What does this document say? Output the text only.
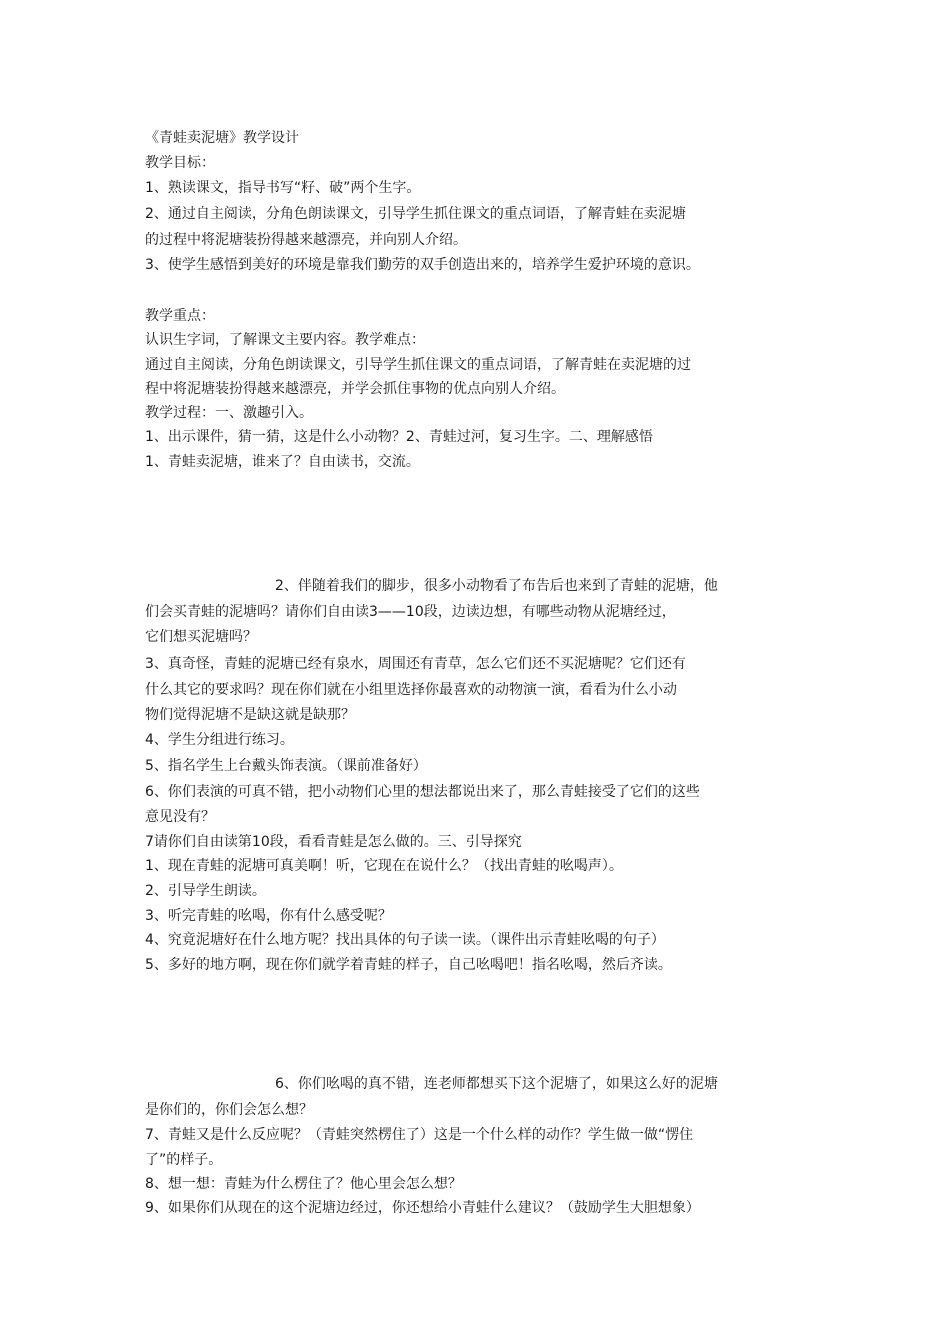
《青蛙卖泥塘》教学设计
教学目标：
1、熟读课文，指导书写“籽、破”两个生字。
2、通过自主阅读，分角色朗读课文，引导学生抓住课文的重点词语，了解青蛙在卖泥塘
的过程中将泥塘装扮得越来越漂亮，并向别人介绍。
3、使学生感悟到美好的环境是靠我们勤劳的双手创造出来的，培养学生爱护环境的意识。
教学重点：
认识生字词，了解课文主要内容。教学难点：
通过自主阅读，分角色朗读课文，引导学生抓住课文的重点词语，了解青蛙在卖泥塘的过
程中将泥塘装扮得越来越漂亮，并学会抓住事物的优点向别人介绍。
教学过程：一、激趣引入。
1、出示课件，猜一猜，这是什么小动物？2、青蛙过河，复习生字。二、理解感悟
1、青蛙卖泥塘，谁来了？自由读书，交流。
2、伴随着我们的脚步，很多小动物看了布告后也来到了青蛙的泥塘，他
们会买青蛙的泥塘吗？请你们自由读3——10段，边读边想，有哪些动物从泥塘经过，
它们想买泥塘吗？
3、真奇怪，青蛙的泥塘已经有泉水，周围还有青草，怎么它们还不买泥塘呢？它们还有
什么其它的要求吗？现在你们就在小组里选择你最喜欢的动物演一演，看看为什么小动
物们觉得泥塘不是缺这就是缺那？
4、学生分组进行练习。
5、指名学生上台戴头饰表演。（课前准备好）
6、你们表演的可真不错，把小动物们心里的想法都说出来了，那么青蛙接受了它们的这些
意见没有？
7请你们自由读第10段，看看青蛙是怎么做的。三、引导探究
1、现在青蛙的泥塘可真美啊！听，它现在在说什么？（找出青蛙的吆喝声）。
2、引导学生朗读。
3、听完青蛙的吆喝，你有什么感受呢？
4、究竟泥塘好在什么地方呢？找出具体的句子读一读。（课件出示青蛙吆喝的句子）
5、多好的地方啊，现在你们就学着青蛙的样子，自己吆喝吧！指名吆喝，然后齐读。
6、你们吆喝的真不错，连老师都想买下这个泥塘了，如果这么好的泥塘
是你们的，你们会怎么想？
7、青蛙又是什么反应呢？（青蛙突然楞住了）这是一个什么样的动作？学生做一做“愣住
了”的样子。
8、想一想：青蛙为什么楞住了？他心里会怎么想？
9、如果你们从现在的这个泥塘边经过，你还想给小青蛙什么建议？（鼓励学生大胆想象）
